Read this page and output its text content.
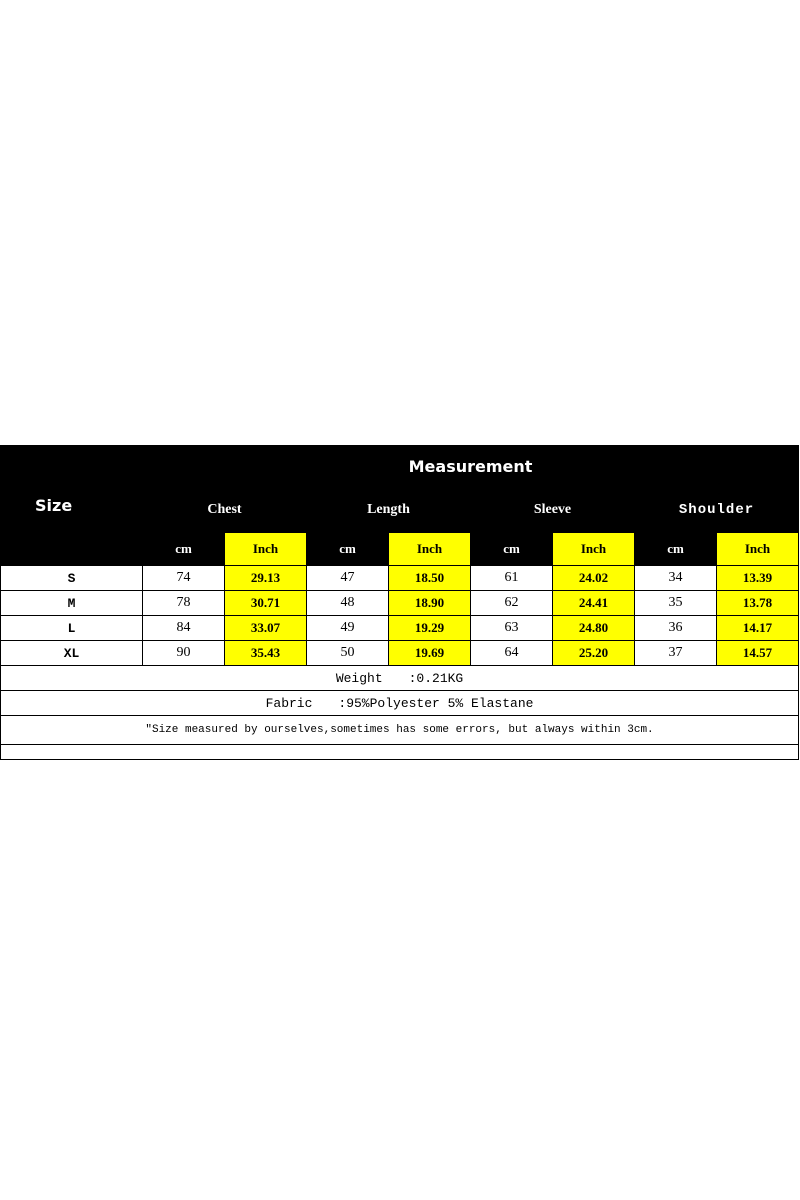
Size	Measurement							
	Chest		Length		Sleeve		Shoulder	
	cm	Inch	cm	Inch	cm	Inch	cm	Inch
S	74	29.13	47	18.50	61	24.02	34	13.39
M	78	30.71	48	18.90	62	24.41	35	13.78
L	84	33.07	49	19.29	63	24.80	36	14.17
XL	90	35.43	50	19.69	64	25.20	37	14.57
Weight :0.21KG								
Fabric :95%Polyester 5% Elastane								
"Size measured by ourselves,sometimes has some errors, but always within 3cm.								
